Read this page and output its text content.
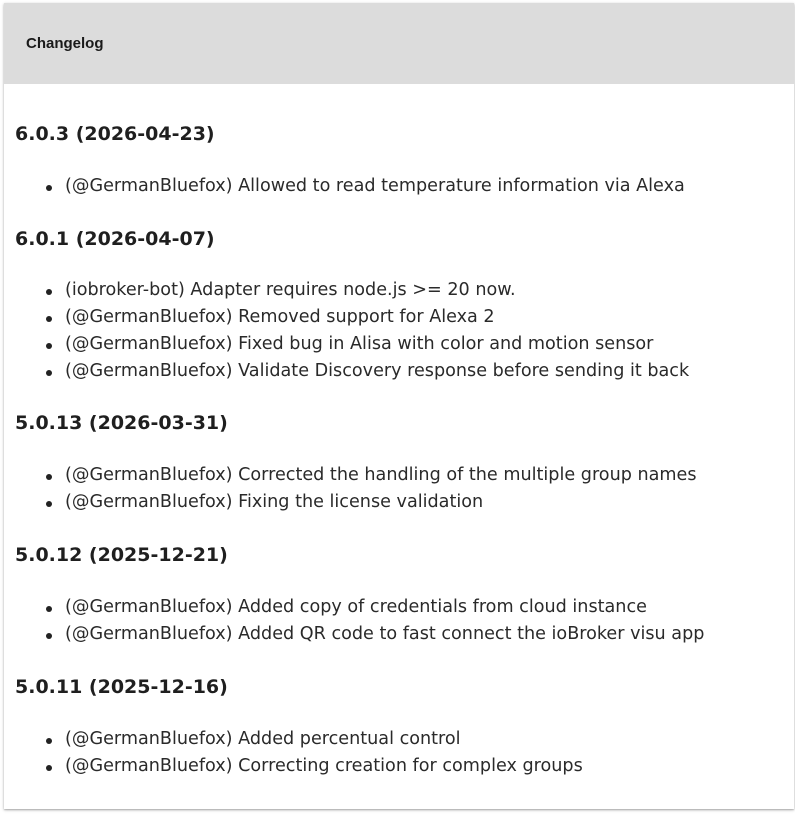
Changelog
6.0.3 (2026-04-23)
(@GermanBluefox) Allowed to read temperature information via Alexa
6.0.1 (2026-04-07)
(iobroker-bot) Adapter requires node.js >= 20 now.
(@GermanBluefox) Removed support for Alexa 2
(@GermanBluefox) Fixed bug in Alisa with color and motion sensor
(@GermanBluefox) Validate Discovery response before sending it back
5.0.13 (2026-03-31)
(@GermanBluefox) Corrected the handling of the multiple group names
(@GermanBluefox) Fixing the license validation
5.0.12 (2025-12-21)
(@GermanBluefox) Added copy of credentials from cloud instance
(@GermanBluefox) Added QR code to fast connect the ioBroker visu app
5.0.11 (2025-12-16)
(@GermanBluefox) Added percentual control
(@GermanBluefox) Correcting creation for complex groups
